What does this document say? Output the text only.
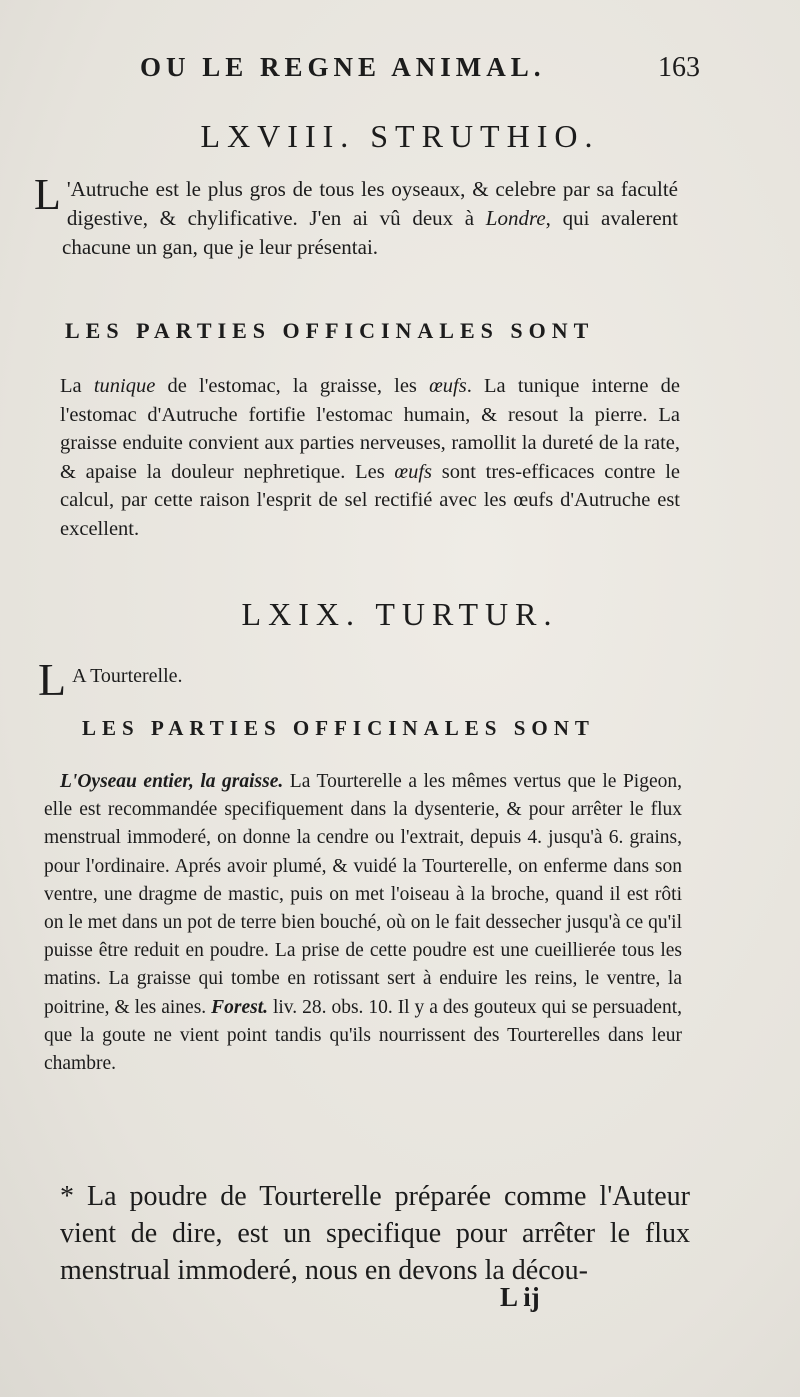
OU LE REGNE ANIMAL.	163
LXVIII. STRUTHIO.
L 'Autruche est le plus gros de tous les oyseaux, & celebre par sa faculté digestive, & chylificative. J'en ai vû deux à Londre, qui avalerent chacune un gan, que je leur présentai.
LES PARTIES OFFICINALES SONT
La tunique de l'estomac, la graisse, les œufs. La tunique interne de l'estomac d'Autruche fortifie l'estomac humain, & resout la pierre. La graisse enduite convient aux parties nerveuses, ramollit la dureté de la rate, & apaise la douleur nephretique. Les œufs sont tres-efficaces contre le calcul, par cette raison l'esprit de sel rectifié avec les œufs d'Autruche est excellent.
LXIX. TURTUR.
L A Tourterelle.
LES PARTIES OFFICINALES SONT
L'Oyseau entier, la graisse. La Tourterelle a les mêmes vertus que le Pigeon, elle est recommandée specifiquement dans la dysenterie, & pour arrêter le flux menstrual immoderé, on donne la cendre ou l'extrait, depuis 4. jusqu'à 6. grains, pour l'ordinaire. Aprés avoir plumé, & vuidé la Tourterelle, on enferme dans son ventre, une dragme de mastic, puis on met l'oiseau à la broche, quand il est rôti on le met dans un pot de terre bien bouché, où on le fait dessecher jusqu'à ce qu'il puisse être reduit en poudre. La prise de cette poudre est une cueillierée tous les matins. La graisse qui tombe en rotissant sert à enduire les reins, le ventre, la poitrine, & les aines. Forest. liv. 28. obs. 10. Il y a des gouteux qui se persuadent, que la goute ne vient point tandis qu'ils nourrissent des Tourterelles dans leur chambre.
* La poudre de Tourterelle préparée comme l'Auteur vient de dire, est un specifique pour arrêter le flux menstrual immoderé, nous en devons la décou-
L ij
